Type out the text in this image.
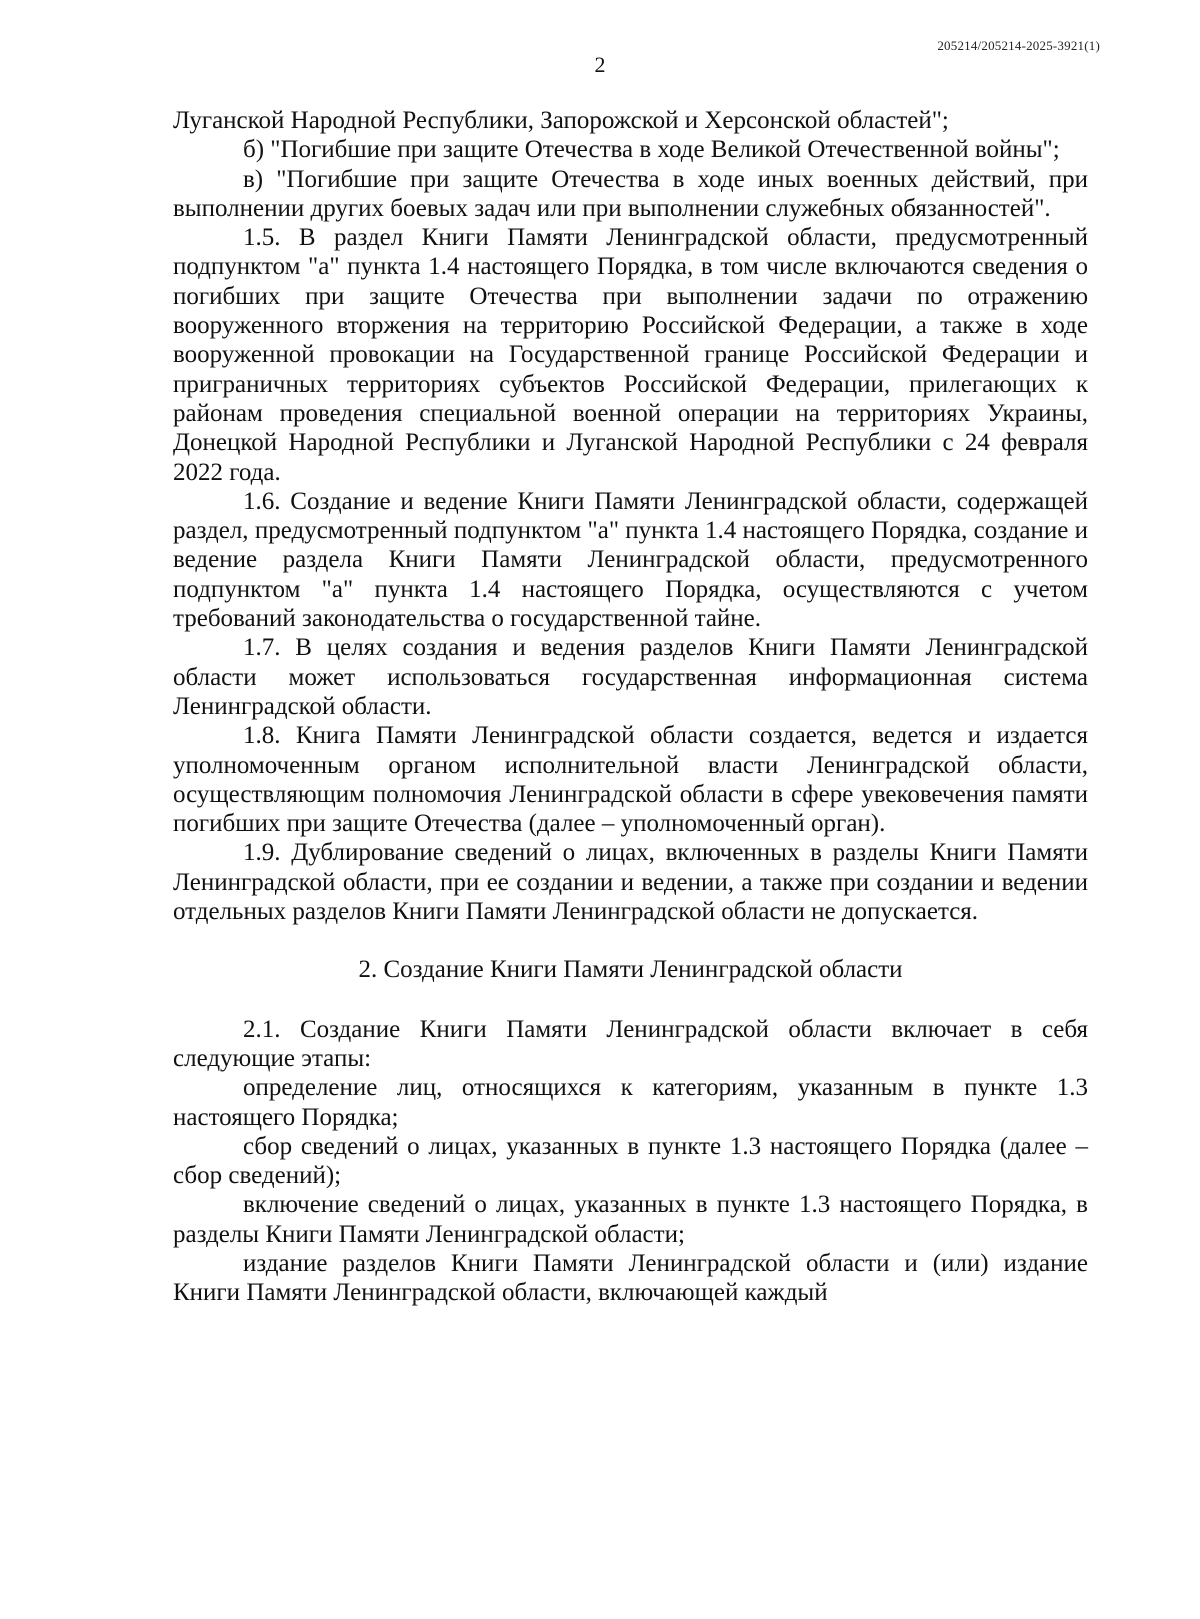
205214/205214-2025-3921(1)
2

Луганской Народной Республики, Запорожской и Херсонской областей";

б) "Погибшие при защите Отечества в ходе Великой Отечественной войны";

в) "Погибшие при защите Отечества в ходе иных военных действий, при выполнении других боевых задач или при выполнении служебных обязанностей".

1.5. В раздел Книги Памяти Ленинградской области, предусмотренный подпунктом "а" пункта 1.4 настоящего Порядка, в том числе включаются сведения о погибших при защите Отечества при выполнении задачи по отражению вооруженного вторжения на территорию Российской Федерации, а также в ходе вооруженной провокации на Государственной границе Российской Федерации и приграничных территориях субъектов Российской Федерации, прилегающих к районам проведения специальной военной операции на территориях Украины, Донецкой Народной Республики и Луганской Народной Республики с 24 февраля 2022 года.

1.6. Создание и ведение Книги Памяти Ленинградской области, содержащей раздел, предусмотренный подпунктом "а" пункта 1.4 настоящего Порядка, создание и ведение раздела Книги Памяти Ленинградской области, предусмотренного подпунктом "а" пункта 1.4 настоящего Порядка, осуществляются с учетом требований законодательства о государственной тайне.

1.7. В целях создания и ведения разделов Книги Памяти Ленинградской области может использоваться государственная информационная система Ленинградской области.

1.8. Книга Памяти Ленинградской области создается, ведется и издается уполномоченным органом исполнительной власти Ленинградской области, осуществляющим полномочия Ленинградской области в сфере увековечения памяти погибших при защите Отечества (далее – уполномоченный орган).

1.9. Дублирование сведений о лицах, включенных в разделы Книги Памяти Ленинградской области, при ее создании и ведении, а также при создании и ведении отдельных разделов Книги Памяти Ленинградской области не допускается.

2. Создание Книги Памяти Ленинградской области

2.1. Создание Книги Памяти Ленинградской области включает в себя следующие этапы:

определение лиц, относящихся к категориям, указанным в пункте 1.3 настоящего Порядка;

сбор сведений о лицах, указанных в пункте 1.3 настоящего Порядка (далее – сбор сведений);

включение сведений о лицах, указанных в пункте 1.3 настоящего Порядка, в разделы Книги Памяти Ленинградской области;

издание разделов Книги Памяти Ленинградской области и (или) издание Книги Памяти Ленинградской области, включающей каждый
